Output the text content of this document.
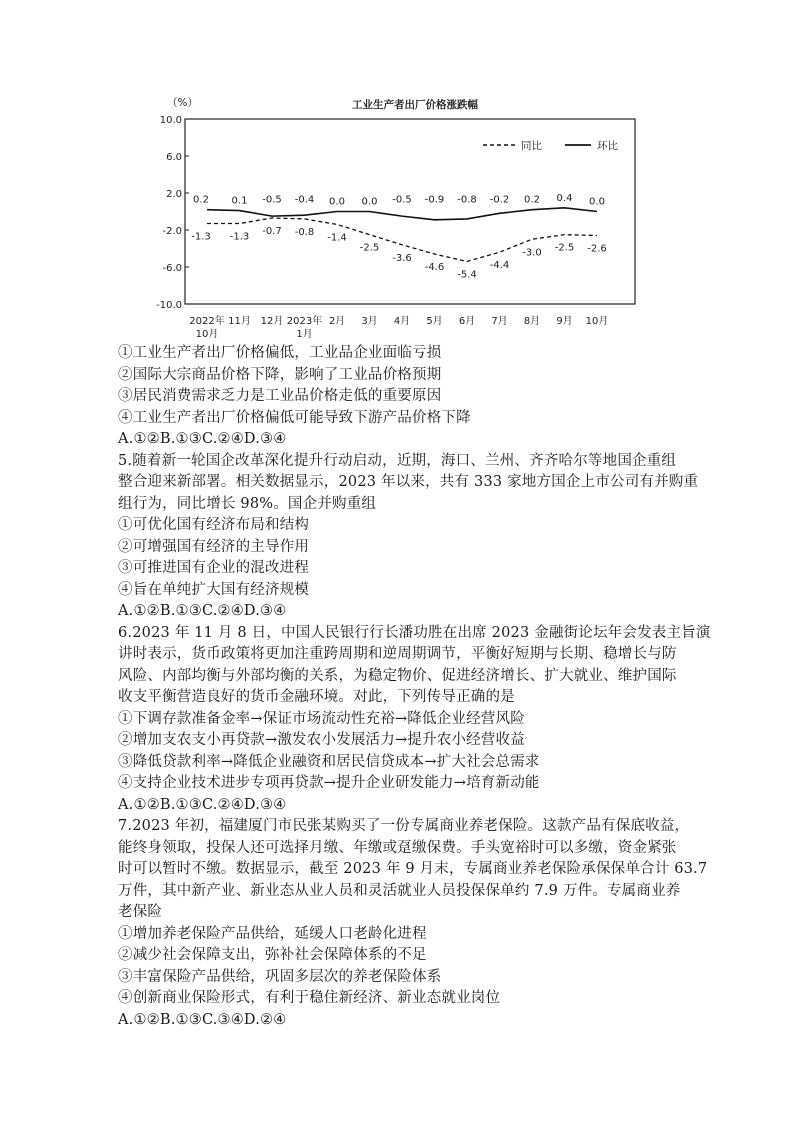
工业生产者出厂价格涨跌幅
（%）
10.0
6.0
2.0
-2.0
-6.0
-10.0
2022年
10月
11月 12月 2023年
1月
2月 3月 4月 5月 6月 7月 8月 9月 10月
-1.3 -1.3
-0.7 -0.8
-1.4
-2.5
-3.6
-4.6
-5.4
-4.4
-3.0 -2.5 -2.6
0.2 0.1 -0.5 -0.4 0.0 0.0 -0.5 -0.9 -0.8 -0.2 0.2 0.4 0.0
同比	环比
①工业生产者出厂价格偏低，工业品企业面临亏损
②国际大宗商品价格下降，影响了工业品价格预期
③居民消费需求乏力是工业品价格走低的重要原因
④工业生产者出厂价格偏低可能导致下游产品价格下降
A.①②B.①③C.②④D.③④
5.随着新一轮国企改革深化提升行动启动，近期，海口、兰州、齐齐哈尔等地国企重组
整合迎来新部署。相关数据显示，2023 年以来，共有 333 家地方国企上市公司有并购重
组行为，同比增长 98%。国企并购重组
①可优化国有经济布局和结构
②可增强国有经济的主导作用
③可推进国有企业的混改进程
④旨在单纯扩大国有经济规模
A.①②B.①③C.②④D.③④
6.2023 年 11 月 8 日，中国人民银行行长潘功胜在出席 2023 金融街论坛年会发表主旨演
讲时表示，货币政策将更加注重跨周期和逆周期调节，平衡好短期与长期、稳增长与防
风险、内部均衡与外部均衡的关系，为稳定物价、促进经济增长、扩大就业、维护国际
收支平衡营造良好的货币金融环境。对此，下列传导正确的是
①下调存款准备金率→保证市场流动性充裕→降低企业经营风险
②增加支农支小再贷款→激发农小发展活力→提升农小经营收益
③降低贷款利率→降低企业融资和居民信贷成本→扩大社会总需求
④支持企业技术进步专项再贷款→提升企业研发能力→培育新动能
A.①②B.①③C.②④D.③④
7.2023 年初，福建厦门市民张某购买了一份专属商业养老保险。这款产品有保底收益，
能终身领取，投保人还可选择月缴、年缴或趸缴保费。手头宽裕时可以多缴，资金紧张
时可以暂时不缴。数据显示，截至 2023 年 9 月末，专属商业养老保险承保保单合计 63.7
万件，其中新产业、新业态从业人员和灵活就业人员投保保单约 7.9 万件。专属商业养
老保险
①增加养老保险产品供给，延缓人口老龄化进程
②减少社会保障支出，弥补社会保障体系的不足
③丰富保险产品供给，巩固多层次的养老保险体系
④创新商业保险形式，有利于稳住新经济、新业态就业岗位
A.①②B.①③C.③④D.②④
